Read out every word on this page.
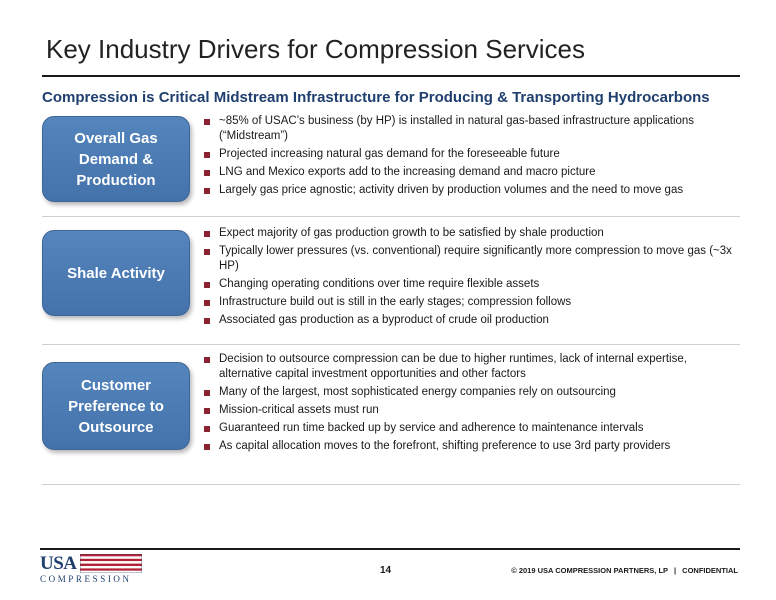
Key Industry Drivers for Compression Services
Compression is Critical Midstream Infrastructure for Producing & Transporting Hydrocarbons
Overall Gas Demand & Production
~85% of USAC’s business (by HP) is installed in natural gas-based infrastructure applications (“Midstream”)
Projected increasing natural gas demand for the foreseeable future
LNG and Mexico exports add to the increasing demand and macro picture
Largely gas price agnostic; activity driven by production volumes and the need to move gas
Shale Activity
Expect majority of gas production growth to be satisfied by shale production
Typically lower pressures (vs. conventional) require significantly more compression to move gas (~3x HP)
Changing operating conditions over time require flexible assets
Infrastructure build out is still in the early stages; compression follows
Associated gas production as a byproduct of crude oil production
Customer Preference to Outsource
Decision to outsource compression can be due to higher runtimes, lack of internal expertise, alternative capital investment opportunities and other factors
Many of the largest, most sophisticated energy companies rely on outsourcing
Mission-critical assets must run
Guaranteed run time backed up by service and adherence to maintenance intervals
As capital allocation moves to the forefront, shifting preference to use 3rd party providers
USA
COMPRESSION
14	© 2019 USA COMPRESSION PARTNERS, LP | CONFIDENTIAL
